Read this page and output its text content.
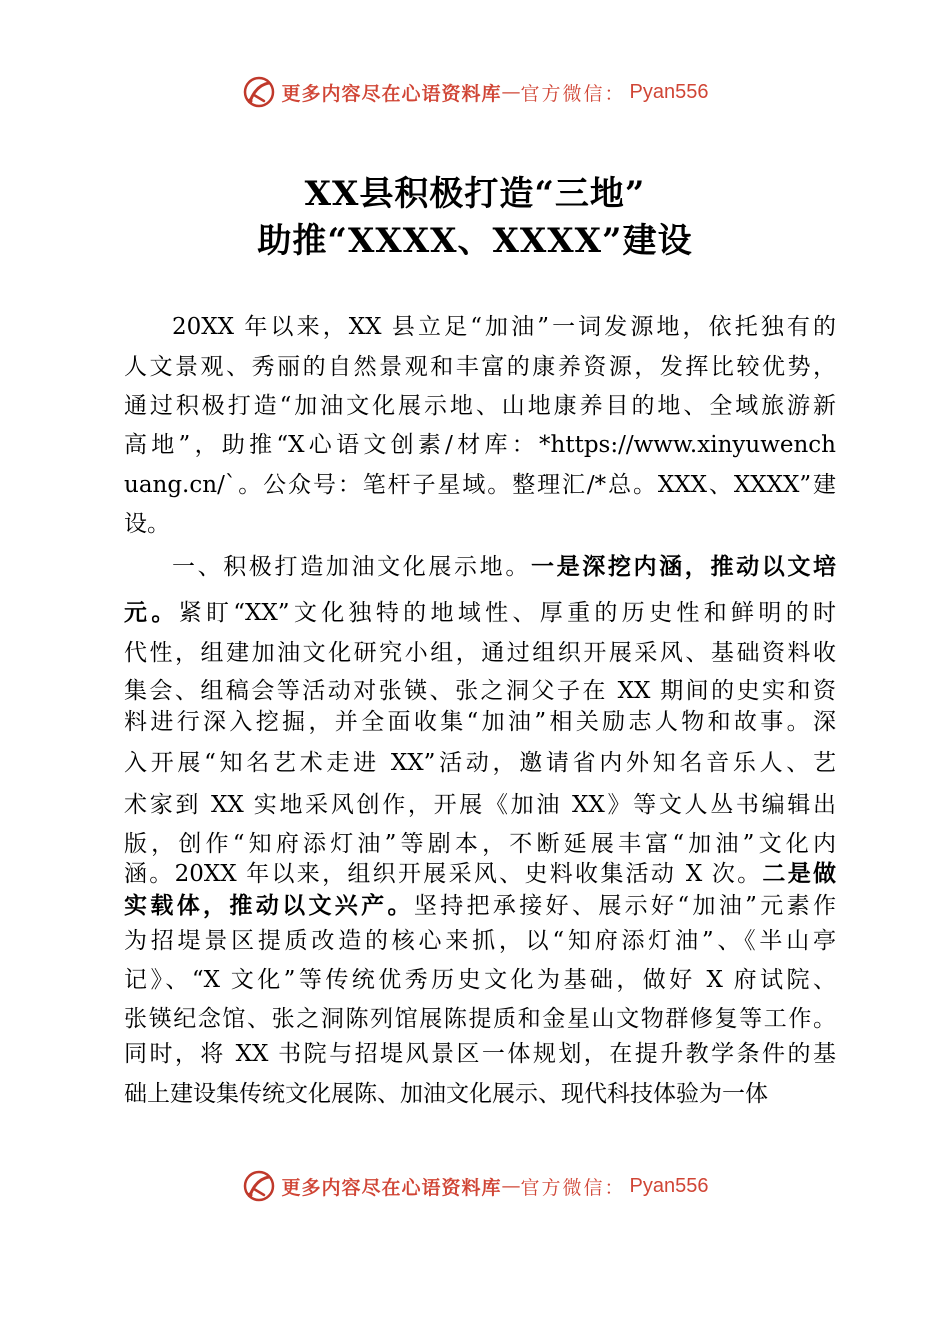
更多内容尽在心语资料库 — 官方微信： Pyan556
XX县积极打造“三地”
助推“XXXX、XXXX”建设
20XX 年以来，XX 县立足“加油”一词发源地，依托独有的
人文景观、秀丽的自然景观和丰富的康养资源，发挥比较优势，
通过积极打造“加油文化展示地、山地康养目的地、全域旅游新
高地”，助推“X心语文创素/材库：*https://www.xinyuwench
uang.cn/`。公众号：笔杆子星域。整理汇/*总。XXX、XXXX”建
设。
一、积极打造加油文化展示地。一是深挖内涵，推动以文培
元。紧盯“XX”文化独特的地域性、厚重的历史性和鲜明的时
代性，组建加油文化研究小组，通过组织开展采风、基础资料收
集会、组稿会等活动对张锳、张之洞父子在 XX 期间的史实和资
料进行深入挖掘，并全面收集“加油”相关励志人物和故事。深
入开展“知名艺术走进 XX”活动，邀请省内外知名音乐人、艺
术家到 XX 实地采风创作，开展《加油 XX》等文人丛书编辑出
版，创作“知府添灯油”等剧本，不断延展丰富“加油”文化内
涵。20XX 年以来，组织开展采风、史料收集活动 X 次。二是做
实载体，推动以文兴产。坚持把承接好、展示好“加油”元素作
为招堤景区提质改造的核心来抓，以“知府添灯油”、《半山亭
记》、“X 文化”等传统优秀历史文化为基础，做好 X 府试院、
张锳纪念馆、张之洞陈列馆展陈提质和金星山文物群修复等工作。
同时，将 XX 书院与招堤风景区一体规划，在提升教学条件的基
础上建设集传统文化展陈、加油文化展示、现代科技体验为一体
更多内容尽在心语资料库 — 官方微信： Pyan556
